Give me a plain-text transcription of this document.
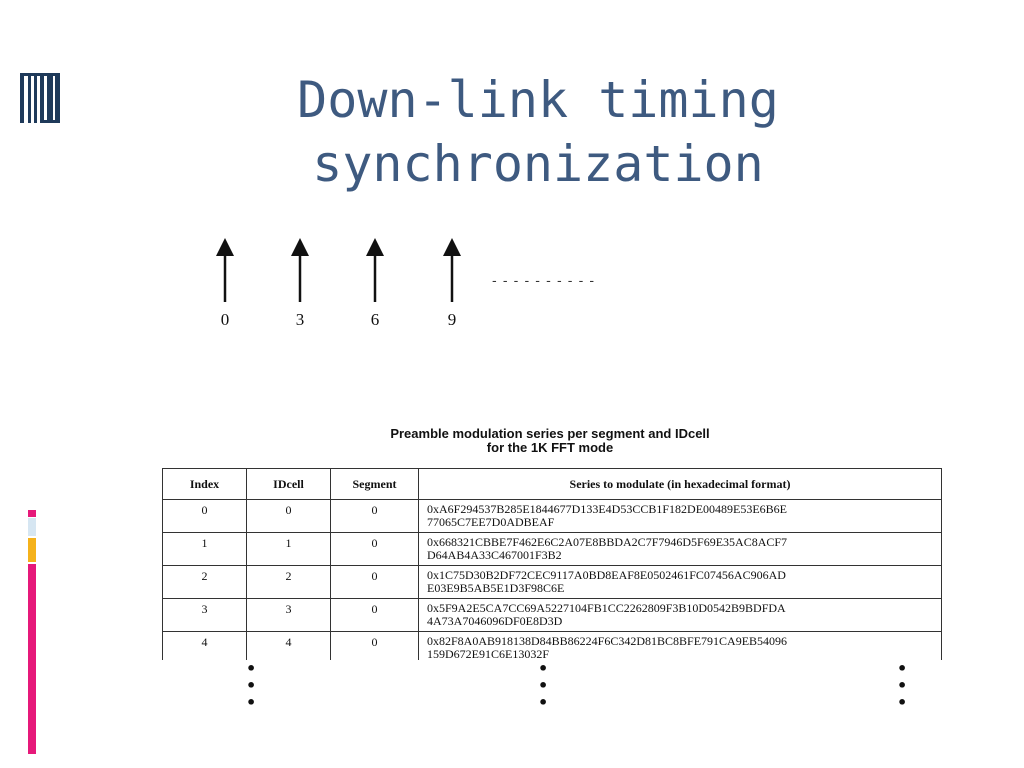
Down-link timing
synchronization
0	3	6	9
- - - - - - - - - -
Preamble modulation series per segment and IDcell
for the 1K FFT mode
Index	IDcell	Segment	Series to modulate (in hexadecimal format)
0	0	0	0xA6F294537B285E1844677D133E4D53CCB1F182DE00489E53E6B6E
77065C7EE7D0ADBEAF

1	1	0	0x668321CBBE7F462E6C2A07E8BBDA2C7F7946D5F69E35AC8ACF7
D64AB4A33C467001F3B2

2	2	0	0x1C75D30B2DF72CEC9117A0BD8EAF8E0502461FC07456AC906AD
E03E9B5AB5E1D3F98C6E

3	3	0	0x5F9A2E5CA7CC69A5227104FB1CC2262809F3B10D0542B9BDFDA
4A73A7046096DF0E8D3D

4	4	0	0x82F8A0AB918138D84BB86224F6C342D81BC8BFE791CA9EB54096
159D672E91C6E13032F
•
•
•
•
•
•
•
•
•
